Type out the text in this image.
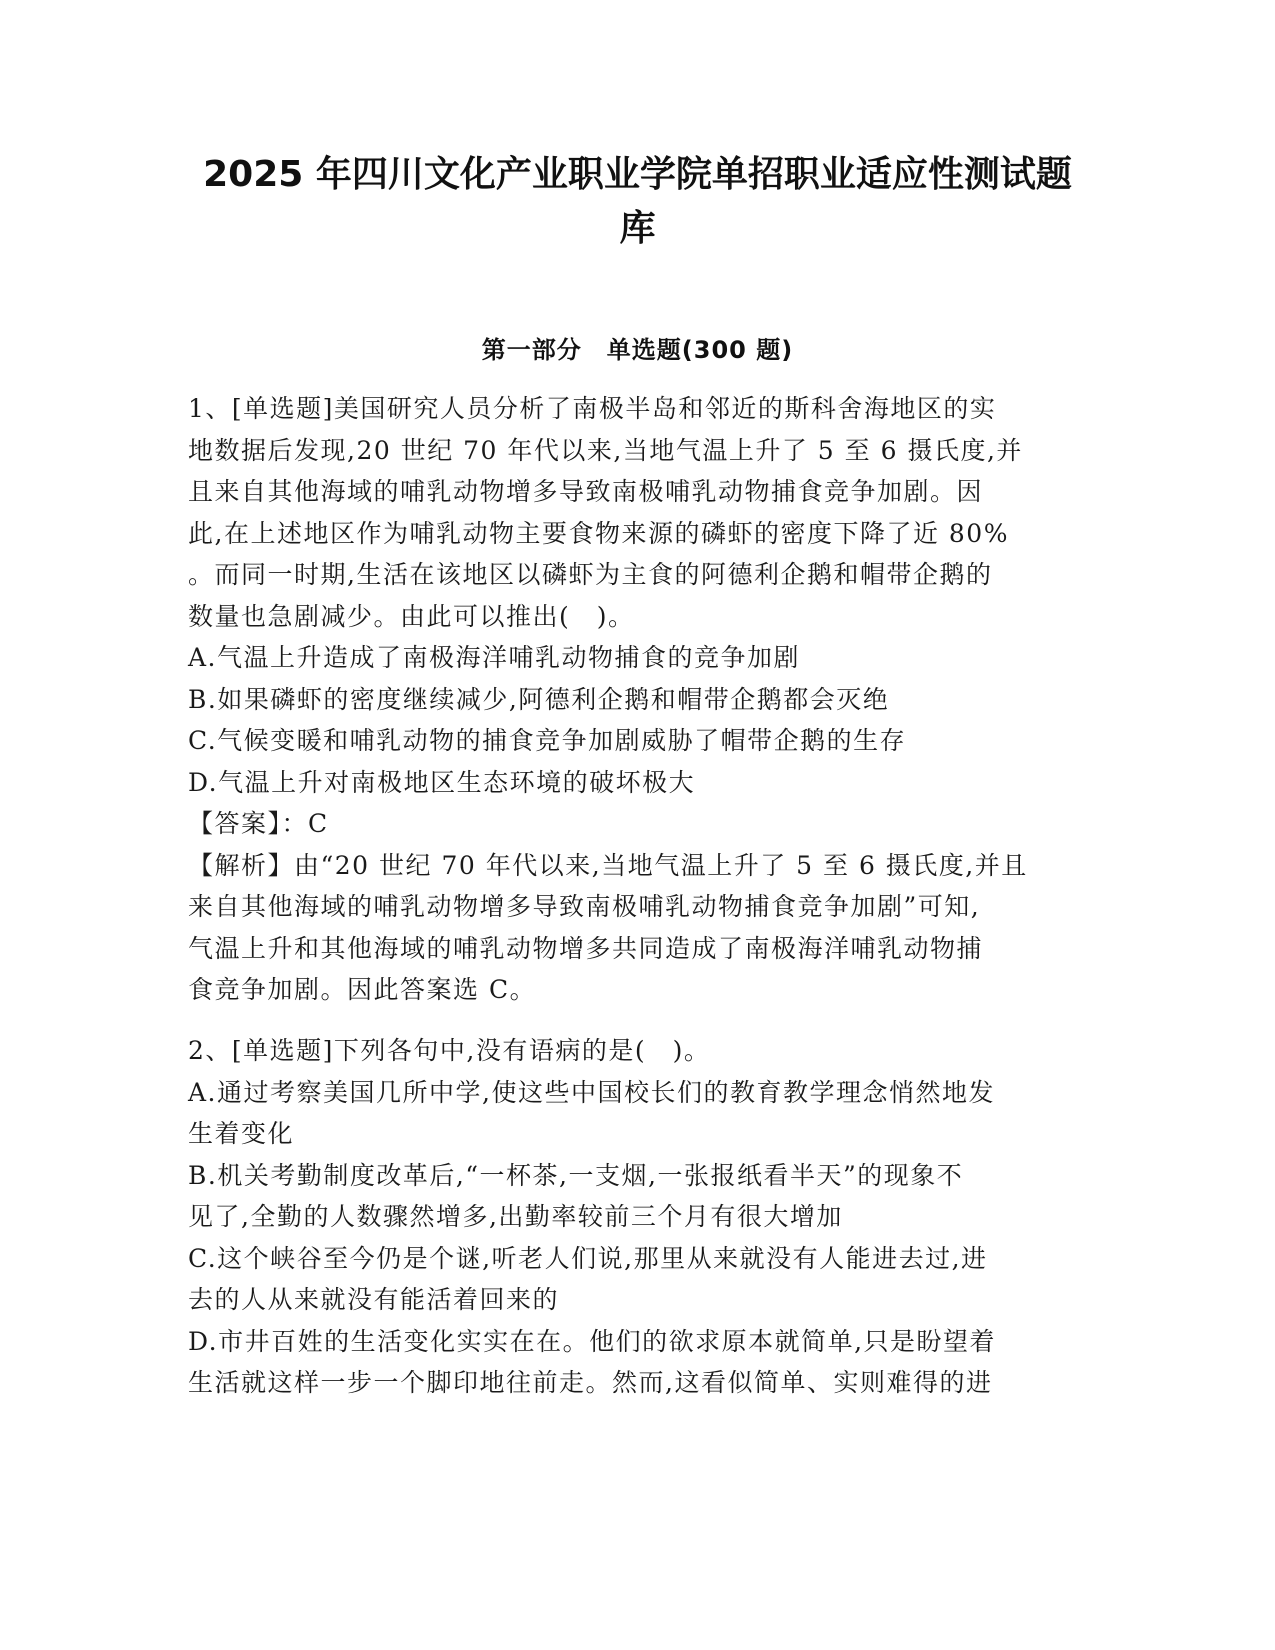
2025 年四川文化产业职业学院单招职业适应性测试题
库
第一部分　单选题(300 题)
1、[单选题]美国研究人员分析了南极半岛和邻近的斯科舍海地区的实
地数据后发现,20 世纪 70 年代以来,当地气温上升了 5 至 6 摄氏度,并
且来自其他海域的哺乳动物增多导致南极哺乳动物捕食竞争加剧。因
此,在上述地区作为哺乳动物主要食物来源的磷虾的密度下降了近 80%
。而同一时期,生活在该地区以磷虾为主食的阿德利企鹅和帽带企鹅的
数量也急剧减少。由此可以推出(　)。
A.气温上升造成了南极海洋哺乳动物捕食的竞争加剧
B.如果磷虾的密度继续减少,阿德利企鹅和帽带企鹅都会灭绝
C.气候变暖和哺乳动物的捕食竞争加剧威胁了帽带企鹅的生存
D.气温上升对南极地区生态环境的破坏极大
【答案】：C
【解析】由“20 世纪 70 年代以来,当地气温上升了 5 至 6 摄氏度,并且
来自其他海域的哺乳动物增多导致南极哺乳动物捕食竞争加剧”可知,
气温上升和其他海域的哺乳动物增多共同造成了南极海洋哺乳动物捕
食竞争加剧。因此答案选 C。
2、[单选题]下列各句中,没有语病的是(　)。
A.通过考察美国几所中学,使这些中国校长们的教育教学理念悄然地发
生着变化
B.机关考勤制度改革后,“一杯茶,一支烟,一张报纸看半天”的现象不
见了,全勤的人数骤然增多,出勤率较前三个月有很大增加
C.这个峡谷至今仍是个谜,听老人们说,那里从来就没有人能进去过,进
去的人从来就没有能活着回来的
D.市井百姓的生活变化实实在在。他们的欲求原本就简单,只是盼望着
生活就这样一步一个脚印地往前走。然而,这看似简单、实则难得的进
